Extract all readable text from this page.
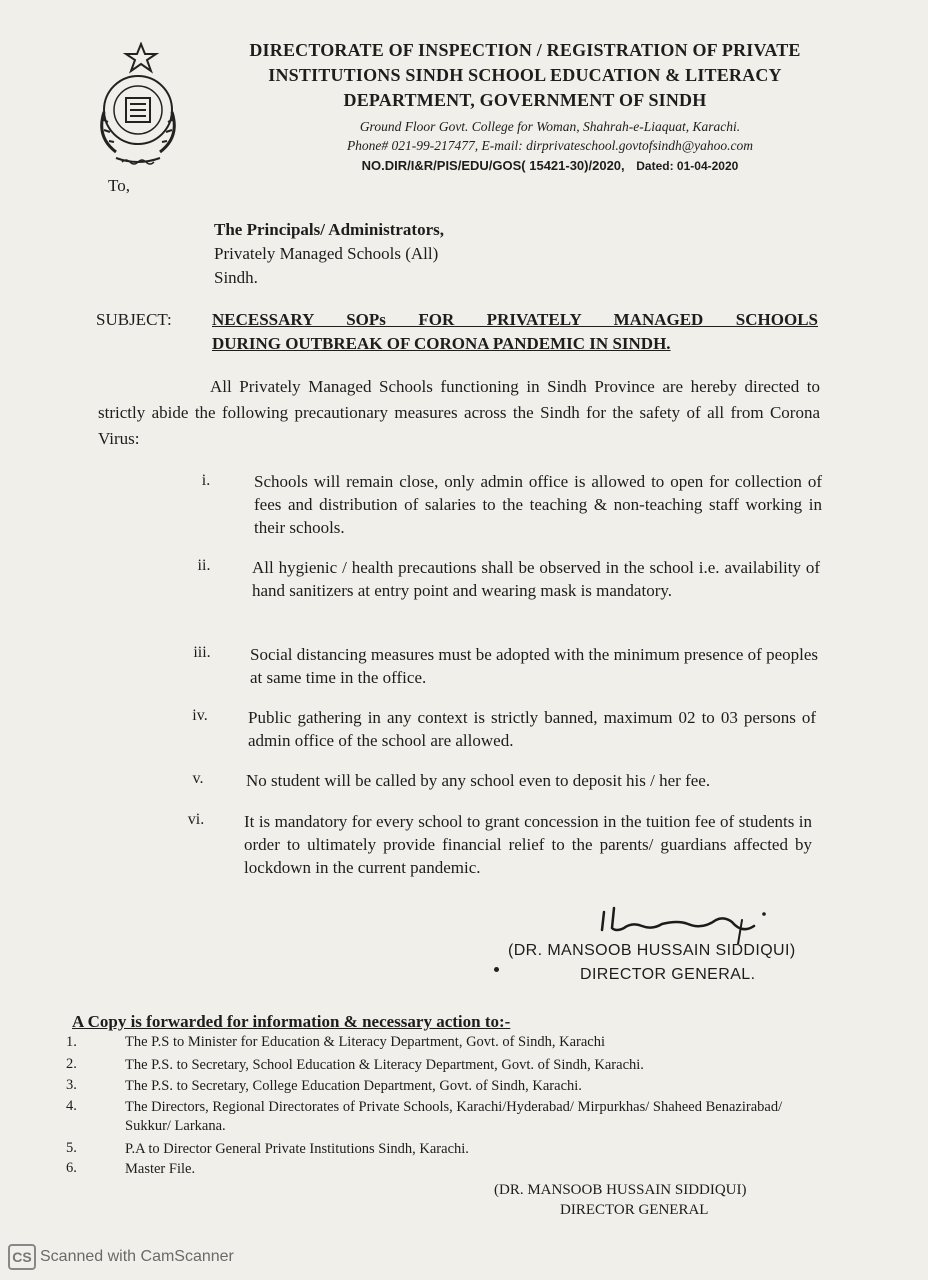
DIRECTORATE OF INSPECTION / REGISTRATION OF PRIVATE
INSTITUTIONS SINDH SCHOOL EDUCATION & LITERACY
DEPARTMENT, GOVERNMENT OF SINDH
Ground Floor Govt. College for Woman, Shahrah-e-Liaquat, Karachi.
Phone# 021-99-217477, E-mail: dirprivateschool.govtofsindh@yahoo.com
NO.DIR/I&R/PIS/EDU/GOS( 15421-30)/2020, Dated: 01-04-2020
To,
The Principals/ Administrators,
Privately Managed Schools (All)
Sindh.
SUBJECT: NECESSARY SOPs FOR PRIVATELY MANAGED SCHOOLS
DURING OUTBREAK OF CORONA PANDEMIC IN SINDH.
All Privately Managed Schools functioning in Sindh Province are hereby directed to strictly abide the following precautionary measures across the Sindh for the safety of all from Corona Virus:
i.	Schools will remain close, only admin office is allowed to open for collection of fees and distribution of salaries to the teaching & non-teaching staff working in their schools.
ii.	All hygienic / health precautions shall be observed in the school i.e. availability of hand sanitizers at entry point and wearing mask is mandatory.
iii.	Social distancing measures must be adopted with the minimum presence of peoples at same time in the office.
iv.	Public gathering in any context is strictly banned, maximum 02 to 03 persons of admin office of the school are allowed.
v.	No student will be called by any school even to deposit his / her fee.
vi.	It is mandatory for every school to grant concession in the tuition fee of students in order to ultimately provide financial relief to the parents/ guardians affected by lockdown in the current pandemic.
(DR. MANSOOB HUSSAIN SIDDIQUI)
DIRECTOR GENERAL.
A Copy is forwarded for information & necessary action to:-
1.	The P.S to Minister for Education & Literacy Department, Govt. of Sindh, Karachi
2.	The P.S. to Secretary, School Education & Literacy Department, Govt. of Sindh, Karachi.
3.	The P.S. to Secretary, College Education Department, Govt. of Sindh, Karachi.
4.	The Directors, Regional Directorates of Private Schools, Karachi/Hyderabad/ Mirpurkhas/ Shaheed Benazirabad/ Sukkur/ Larkana.
5.	P.A to Director General Private Institutions Sindh, Karachi.
6.	Master File.
(DR. MANSOOB HUSSAIN SIDDIQUI)
DIRECTOR GENERAL
CS Scanned with CamScanner
